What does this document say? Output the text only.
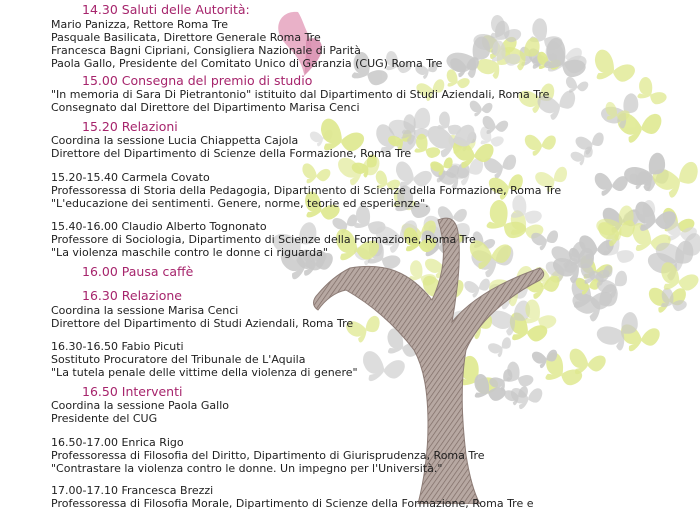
14.30 Saluti delle Autorità:
Mario Panizza, Rettore Roma Tre
Pasquale Basilicata, Direttore Generale Roma Tre
Francesca Bagni Cipriani, Consigliera Nazionale di Parità
Paola Gallo, Presidente del Comitato Unico di Garanzia (CUG) Roma Tre
15.00 Consegna del premio di studio
"In memoria di Sara Di Pietrantonio" istituito dal Dipartimento di Studi Aziendali, Roma Tre
Consegnato dal Direttore del Dipartimento Marisa Cenci
15.20 Relazioni
Coordina la sessione Lucia Chiappetta Cajola
Direttore del Dipartimento di Scienze della Formazione, Roma Tre
15.20-15.40 Carmela Covato
Professoressa di Storia della Pedagogia, Dipartimento di Scienze della Formazione, Roma Tre
"L'educazione dei sentimenti. Genere, norme, teorie ed esperienze".
15.40-16.00 Claudio Alberto Tognonato
Professore di Sociologia, Dipartimento di Scienze della Formazione, Roma Tre
"La violenza maschile contro le donne ci riguarda"
16.00 Pausa caffè
16.30 Relazione
Coordina la sessione Marisa Cenci
Direttore del Dipartimento di Studi Aziendali, Roma Tre
16.30-16.50 Fabio Picuti
Sostituto Procuratore del Tribunale de L'Aquila
"La tutela penale delle vittime della violenza di genere"
16.50 Interventi
Coordina la sessione Paola Gallo
Presidente del CUG
16.50-17.00 Enrica Rigo
Professoressa di Filosofia del Diritto, Dipartimento di Giurisprudenza, Roma Tre
"Contrastare la violenza contro le donne. Un impegno per l'Università."
17.00-17.10 Francesca Brezzi
Professoressa di Filosofia Morale, Dipartimento di Scienze della Formazione, Roma Tre e
